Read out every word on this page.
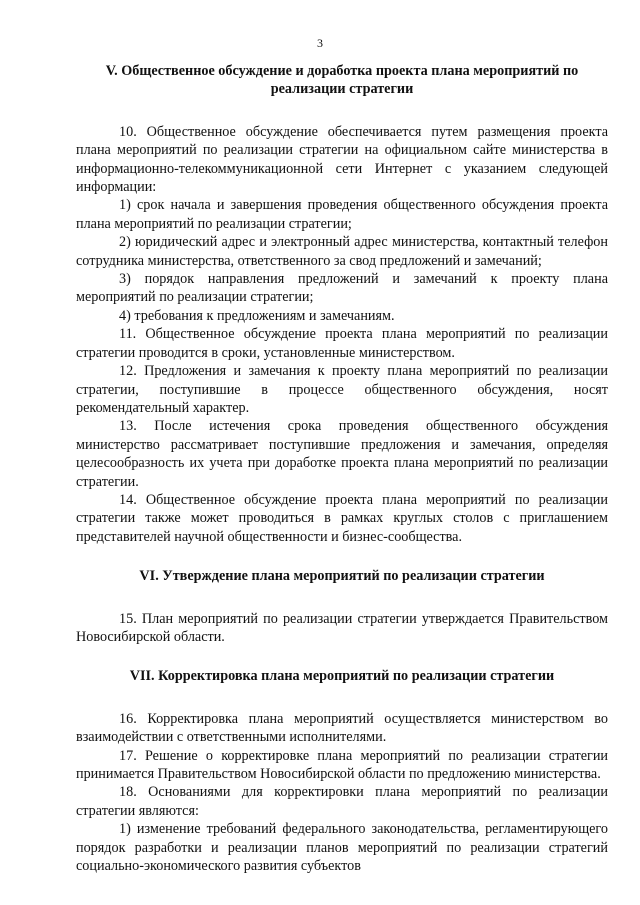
3

V. Общественное обсуждение и доработка проекта плана мероприятий по реализации стратегии

10. Общественное обсуждение обеспечивается путем размещения проекта плана мероприятий по реализации стратегии на официальном сайте министерства в информационно-телекоммуникационной сети Интернет с указанием следующей информации:

1) срок начала и завершения проведения общественного обсуждения проекта плана мероприятий по реализации стратегии;

2) юридический адрес и электронный адрес министерства, контактный телефон сотрудника министерства, ответственного за свод предложений и замечаний;

3) порядок направления предложений и замечаний к проекту плана мероприятий по реализации стратегии;

4) требования к предложениям и замечаниям.

11. Общественное обсуждение проекта плана мероприятий по реализации стратегии проводится в сроки, установленные министерством.

12. Предложения и замечания к проекту плана мероприятий по реализации стратегии, поступившие в процессе общественного обсуждения, носят рекомендательный характер.

13. После истечения срока проведения общественного обсуждения министерство рассматривает поступившие предложения и замечания, определяя целесообразность их учета при доработке проекта плана мероприятий по реализации стратегии.

14. Общественное обсуждение проекта плана мероприятий по реализации стратегии также может проводиться в рамках круглых столов с приглашением представителей научной общественности и бизнес-сообщества.

VI. Утверждение плана мероприятий по реализации стратегии

15. План мероприятий по реализации стратегии утверждается Правительством Новосибирской области.

VII. Корректировка плана мероприятий по реализации стратегии

16. Корректировка плана мероприятий осуществляется министерством во взаимодействии с ответственными исполнителями.

17. Решение о корректировке плана мероприятий по реализации стратегии принимается Правительством Новосибирской области по предложению министерства.

18. Основаниями для корректировки плана мероприятий по реализации стратегии являются:

1) изменение требований федерального законодательства, регламентирующего порядок разработки и реализации планов мероприятий по реализации стратегий социально-экономического развития субъектов
